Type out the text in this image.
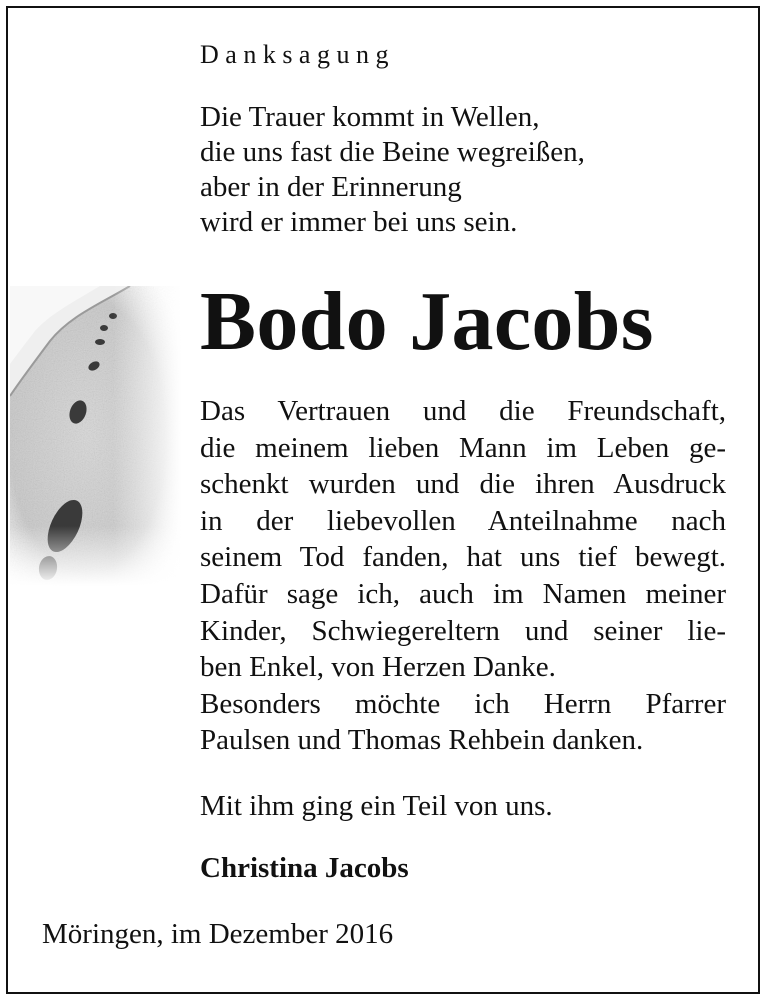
Danksagung
Die Trauer kommt in Wellen,
die uns fast die Beine wegreißen,
aber in der Erinnerung
wird er immer bei uns sein.
Bodo Jacobs
Das Vertrauen und die Freundschaft,
die meinem lieben Mann im Leben ge-
schenkt wurden und die ihren Ausdruck
in der liebevollen Anteilnahme nach
seinem Tod fanden, hat uns tief bewegt.
Dafür sage ich, auch im Namen meiner
Kinder, Schwiegereltern und seiner lie-
ben Enkel, von Herzen Danke.
Besonders möchte ich Herrn Pfarrer
Paulsen und Thomas Rehbein danken.
Mit ihm ging ein Teil von uns.
Christina Jacobs
Möringen, im Dezember 2016
